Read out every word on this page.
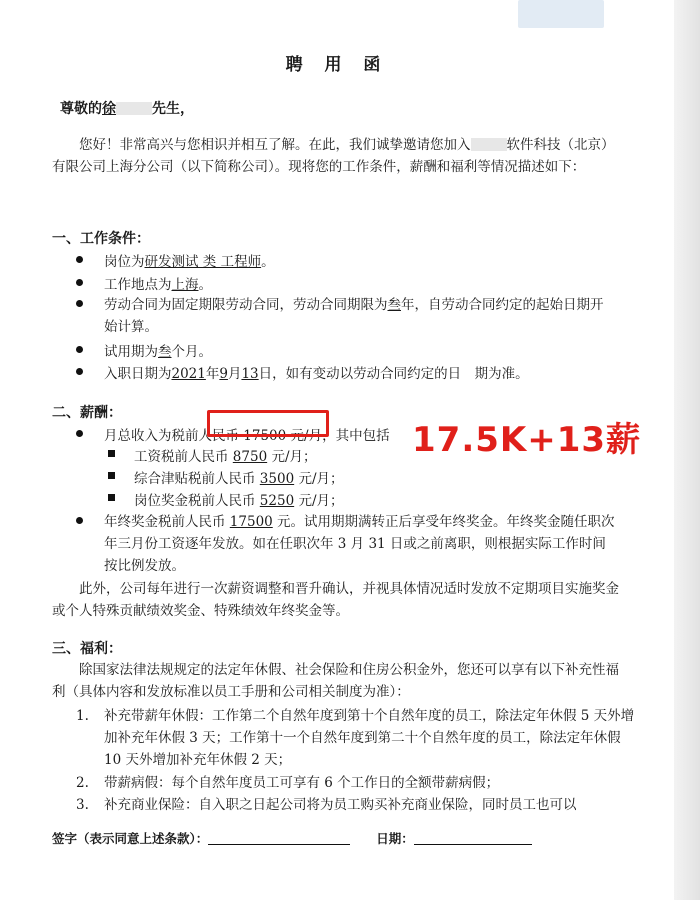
聘 用 函
尊敬的徐	先生，
您好！非常高兴与您相识并相互了解。在此，我们诚挚邀请您加入	软件科技（北京）有限公司上海分公司（以下简称公司）。现将您的工作条件，薪酬和福利等情况描述如下：
一、工作条件：
岗位为研发测试 类 工程师。
工作地点为上海。
劳动合同为固定期限劳动合同，劳动合同期限为叁年，自劳动合同约定的起始日期开始计算。
试用期为叁个月。
入职日期为2021年9月13日，如有变动以劳动合同约定的日　期为准。
二、薪酬：
月总收入为税前人民币 17500 元/月，其中包括 17.5K+13薪
工资税前人民币 8750 元/月；
综合津贴税前人民币 3500 元/月；
岗位奖金税前人民币 5250 元/月；
年终奖金税前人民币 17500 元。试用期期满转正后享受年终奖金。年终奖金随任职次年三月份工资逐年发放。如在任职次年 3 月 31 日或之前离职，则根据实际工作时间按比例发放。
此外，公司每年进行一次薪资调整和晋升确认，并视具体情况适时发放不定期项目实施奖金或个人特殊贡献绩效奖金、特殊绩效年终奖金等。
三、福利：
除国家法律法规规定的法定年休假、社会保险和住房公积金外，您还可以享有以下补充性福利（具体内容和发放标准以员工手册和公司相关制度为准）：
1. 补充带薪年休假：工作第二个自然年度到第十个自然年度的员工，除法定年休假 5 天外增加补充年休假 3 天；工作第十一个自然年度到第二十个自然年度的员工，除法定年休假 10 天外增加补充年休假 2 天；
2. 带薪病假：每个自然年度员工可享有 6 个工作日的全额带薪病假；
3. 补充商业保险：自入职之日起公司将为员工购买补充商业保险，同时员工也可以
签字（表示同意上述条款）：	日期：
